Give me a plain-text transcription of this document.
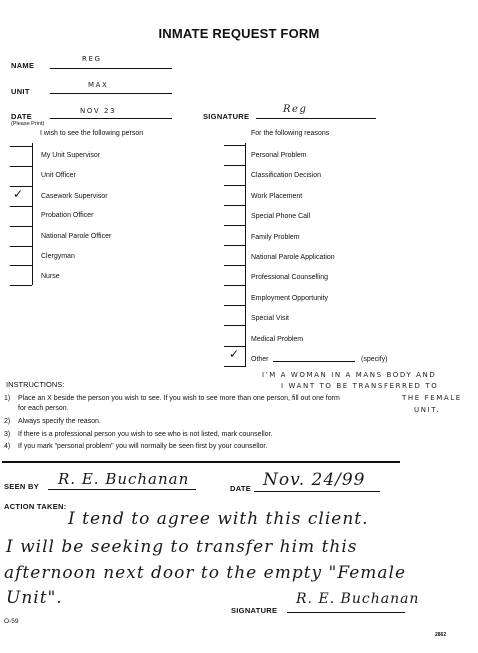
INMATE REQUEST FORM
NAME
REG
UNIT
MAX
DATE
(Please Print)
NOV 23
SIGNATURE
Reg
I wish to see the following person	For the following reasons
My Unit Supervisor
Unit Officer
Casework Supervisor
✓
Probation Officer
National Parole Officer
Clergyman
Nurse
Personal Problem
Classification Decision
Work Placement
Special Phone Call
Family Problem
National Parole Application
Professional Counselling
Employment Opportunity
Special Visit
Medical Problem
Other
✓	(specify)
I'M A WOMAN IN A MANS BODY AND
I WANT TO BE TRANSFERRED TO
THE FEMALE
UNIT.
INSTRUCTIONS:
1) Place an X beside the person you wish to see. If you wish to see more than one person, fill out one form
for each person.
2) Always specify the reason.
3) If there is a professional person you wish to see who is not listed, mark counsellor.
4) If you mark "personal problem" you will normally be seen first by your counsellor.
SEEN BY R. E. Buchanan
DATE Nov. 24/99
ACTION TAKEN:
I tend to agree with this client.
I will be seeking to transfer him this
afternoon next door to the empty "Female
Unit".
SIGNATURE
R. E. Buchanan
O-59
2862
